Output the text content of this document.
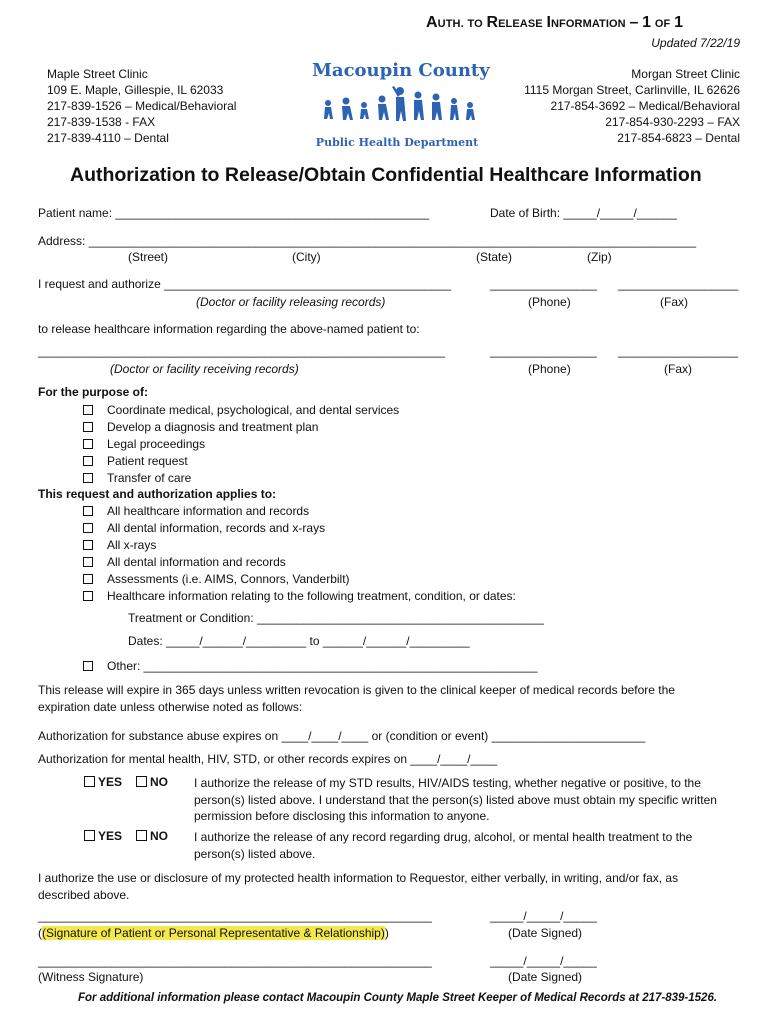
AUTH. TO RELEASE INFORMATION – 1 OF 1
Updated 7/22/19
Maple Street Clinic
109 E. Maple, Gillespie, IL 62033
217-839-1526 – Medical/Behavioral
217-839-1538 - FAX
217-839-4110 – Dental
Macoupin County
Public Health Department
Morgan Street Clinic
1115 Morgan Street, Carlinville, IL 62626
217-854-3692 – Medical/Behavioral
217-854-930-2293 – FAX
217-854-6823 – Dental
Authorization to Release/Obtain Confidential Healthcare Information
Patient name: _______________________________________________	Date of Birth: _____/_____/______
Address: ___________________________________________________________________________________________
(Street)	(City)	(State)	(Zip)
I request and authorize ___________________________________________	________________ __________________
(Doctor or facility releasing records)	(Phone)	(Fax)
to release healthcare information regarding the above-named patient to:
_____________________________________________________________	________________ __________________
(Doctor or facility receiving records)	(Phone)	(Fax)
For the purpose of:
Coordinate medical, psychological, and dental services
Develop a diagnosis and treatment plan
Legal proceedings
Patient request
Transfer of care
This request and authorization applies to:
All healthcare information and records
All dental information, records and x-rays
All x-rays
All dental information and records
Assessments (i.e. AIMS, Connors, Vanderbilt)
Healthcare information relating to the following treatment, condition, or dates:
Treatment or Condition: ___________________________________________
Dates: _____/______/_________ to ______/______/_________
Other: ___________________________________________________________
This release will expire in 365 days unless written revocation is given to the clinical keeper of medical records before the
expiration date unless otherwise noted as follows:
Authorization for substance abuse expires on ____/____/____ or (condition or event) _______________________
Authorization for mental health, HIV, STD, or other records expires on ____/____/____
YES	NO I authorize the release of my STD results, HIV/AIDS testing, whether negative or positive, to the
person(s) listed above. I understand that the person(s) listed above must obtain my specific written
permission before disclosing this information to anyone.
YES	NO I authorize the release of any record regarding drug, alcohol, or mental health treatment to the
person(s) listed above.
I authorize the use or disclosure of my protected health information to Requestor, either verbally, in writing, and/or fax, as
described above.
___________________________________________________________	_____/_____/_____
((Signature of Patient or Personal Representative & Relationship))	(Date Signed)
___________________________________________________________	_____/_____/_____
(Witness Signature)	(Date Signed)
For additional information please contact Macoupin County Maple Street Keeper of Medical Records at 217-839-1526.
